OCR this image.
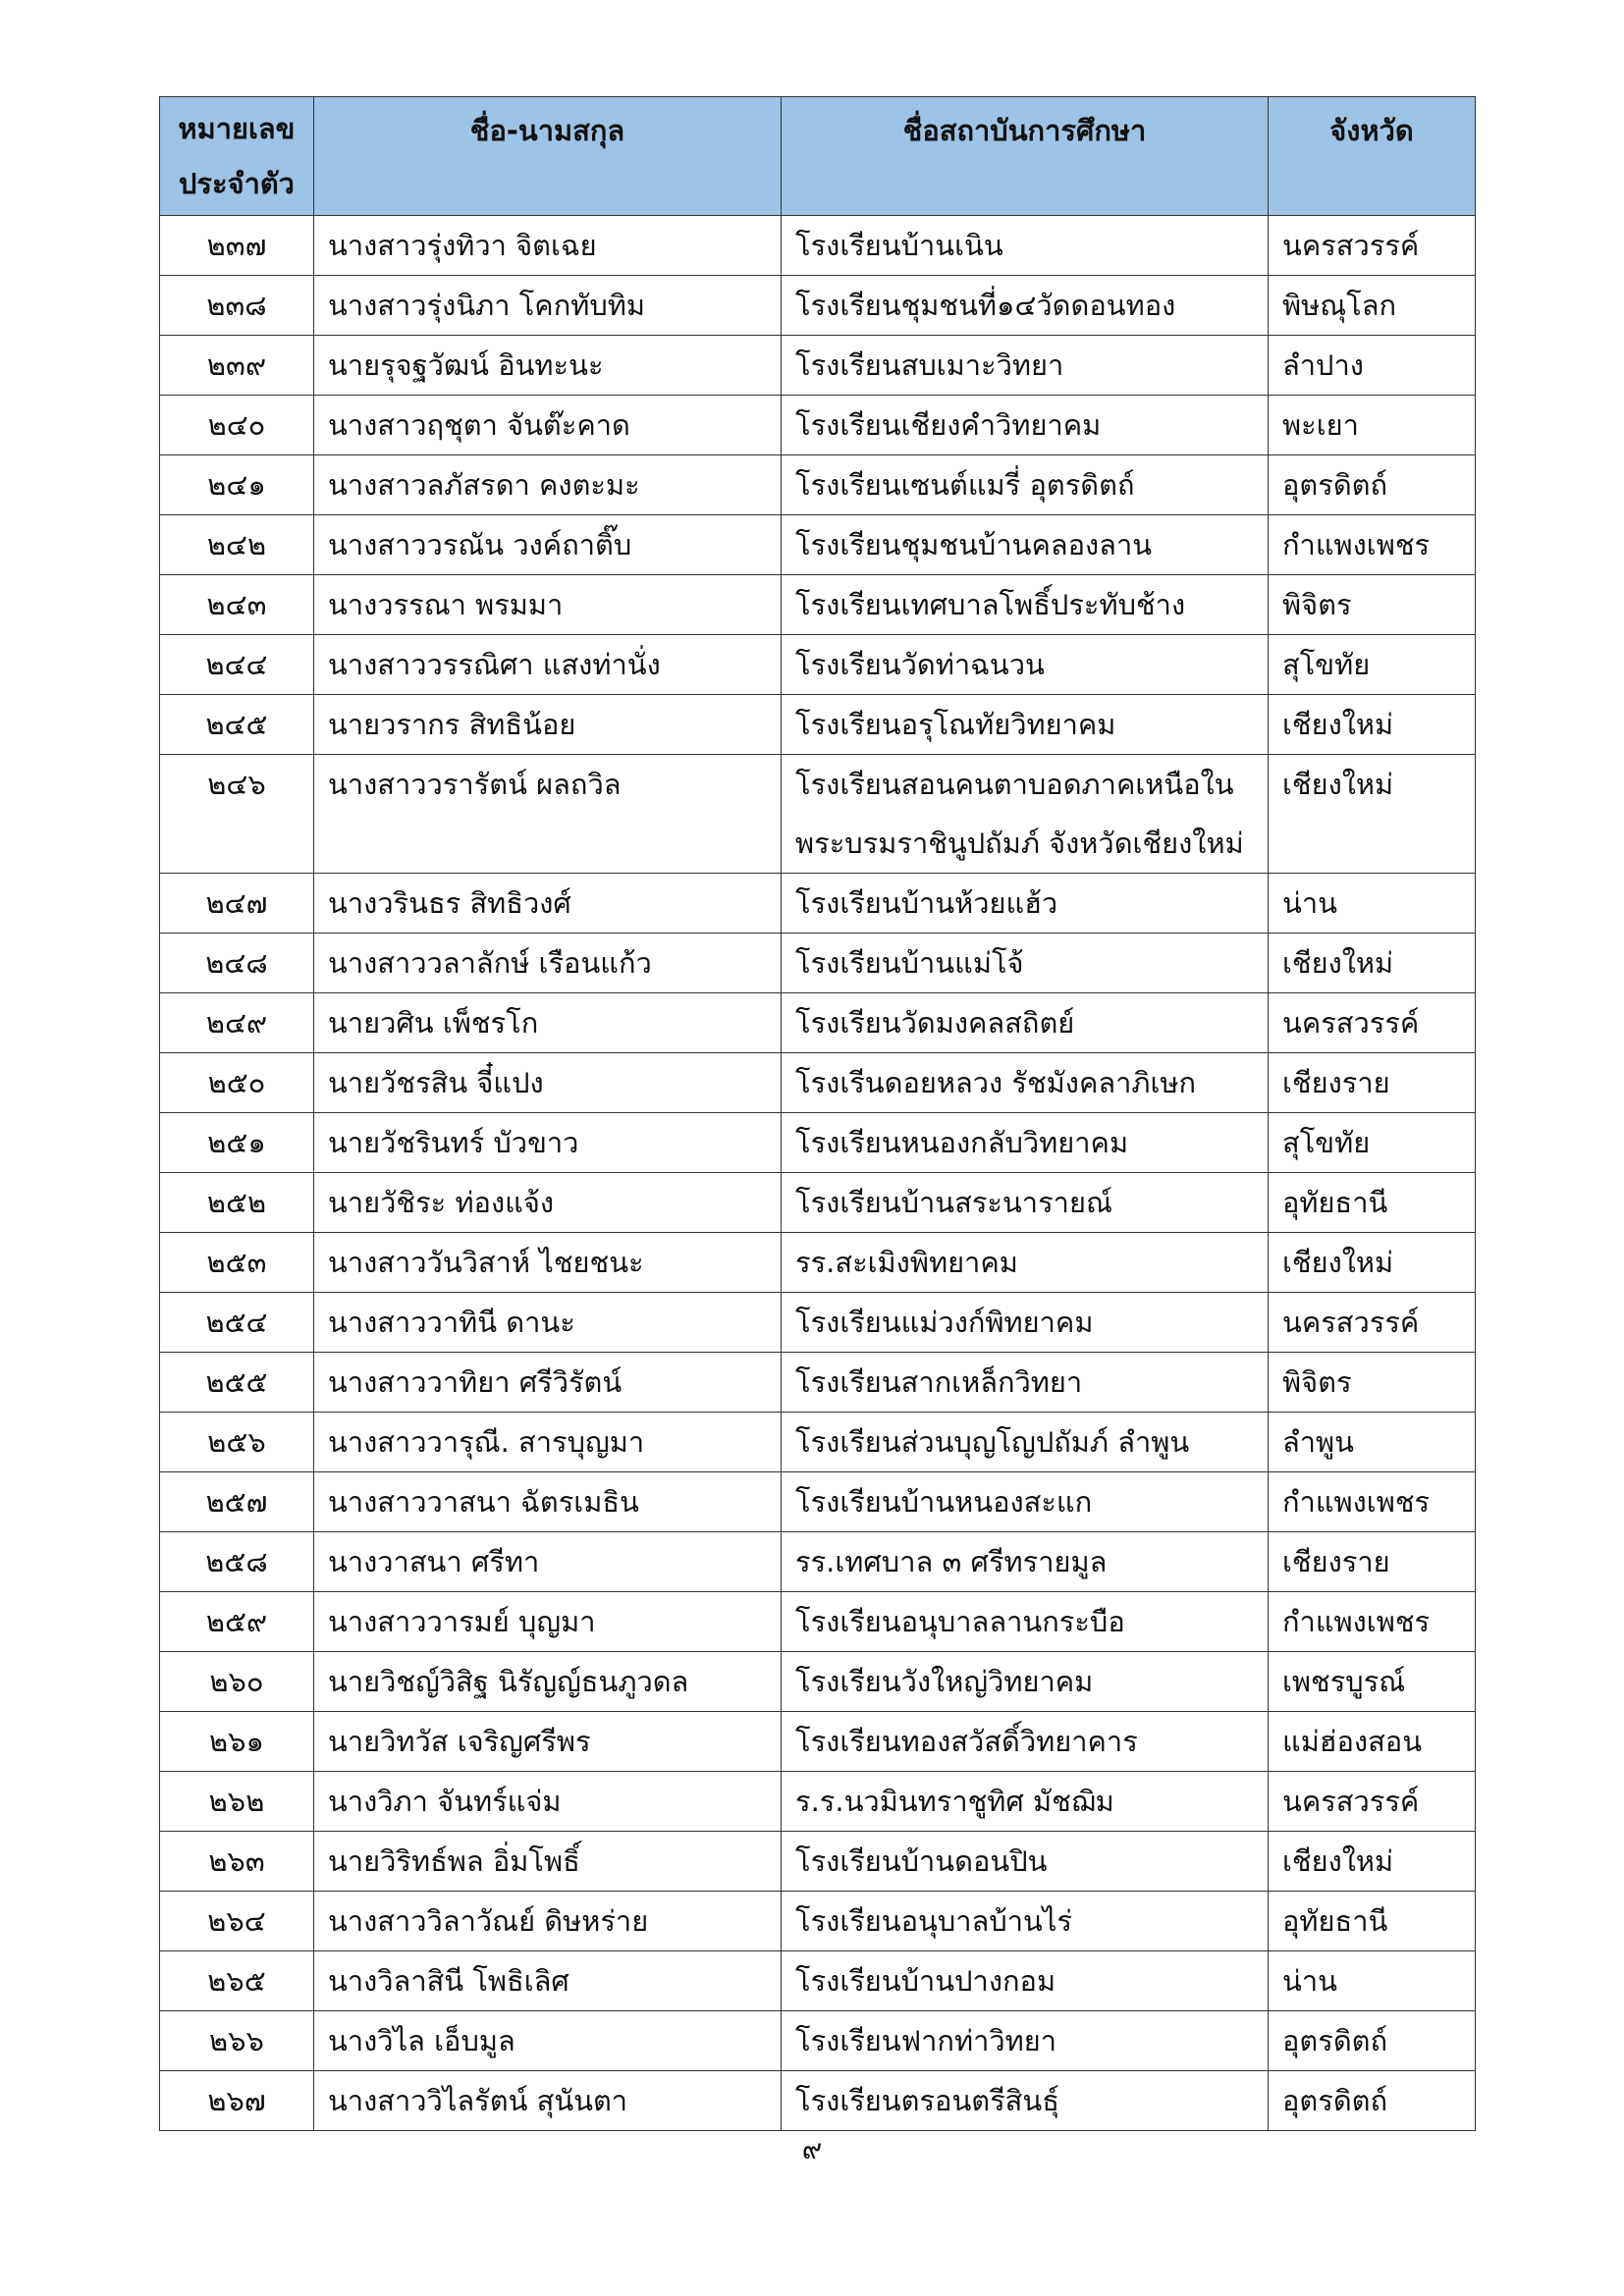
หมายเลข ประจำตัว	ชื่อ-นามสกุล	ชื่อสถาบันการศึกษา	จังหวัด
๒๓๗	นางสาวรุ่งทิวา จิตเฉย	โรงเรียนบ้านเนิน	นครสวรรค์
๒๓๘	นางสาวรุ่งนิภา โคกทับทิม	โรงเรียนชุมชนที่๑๔วัดดอนทอง	พิษณุโลก
๒๓๙	นายรุจฐวัฒน์ อินทะนะ	โรงเรียนสบเมาะวิทยา	ลำปาง
๒๔๐	นางสาวฤชุตา จันต๊ะคาด	โรงเรียนเชียงคำวิทยาคม	พะเยา
๒๔๑	นางสาวลภัสรดา คงตะมะ	โรงเรียนเซนต์แมรี่ อุตรดิตถ์	อุตรดิตถ์
๒๔๒	นางสาววรณัน วงค์ถาติ๊บ	โรงเรียนชุมชนบ้านคลองลาน	กำแพงเพชร
๒๔๓	นางวรรณา พรมมา	โรงเรียนเทศบาลโพธิ์ประทับช้าง	พิจิตร
๒๔๔	นางสาววรรณิศา แสงท่านั่ง	โรงเรียนวัดท่าฉนวน	สุโขทัย
๒๔๕	นายวรากร สิทธิน้อย	โรงเรียนอรุโณทัยวิทยาคม	เชียงใหม่
๒๔๖	นางสาววรารัตน์ ผลถวิล	โรงเรียนสอนคนตาบอดภาคเหนือใน พระบรมราชินูปถัมภ์ จังหวัดเชียงใหม่	เชียงใหม่
๒๔๗	นางวรินธร สิทธิวงศ์	โรงเรียนบ้านห้วยแฮ้ว	น่าน
๒๔๘	นางสาววลาลักษ์ เรือนแก้ว	โรงเรียนบ้านแม่โจ้	เชียงใหม่
๒๔๙	นายวศิน เพ็ชรโก	โรงเรียนวัดมงคลสถิตย์	นครสวรรค์
๒๕๐	นายวัชรสิน จี๋แปง	โรงเรีนดอยหลวง รัชมังคลาภิเษก	เชียงราย
๒๕๑	นายวัชรินทร์ บัวขาว	โรงเรียนหนองกลับวิทยาคม	สุโขทัย
๒๕๒	นายวัชิระ ท่องแจ้ง	โรงเรียนบ้านสระนารายณ์	อุทัยธานี
๒๕๓	นางสาววันวิสาห์ ไชยชนะ	รร.สะเมิงพิทยาคม	เชียงใหม่
๒๕๔	นางสาววาทินี ดานะ	โรงเรียนแม่วงก์พิทยาคม	นครสวรรค์
๒๕๕	นางสาววาทิยา ศรีวิรัตน์	โรงเรียนสากเหล็กวิทยา	พิจิตร
๒๕๖	นางสาววารุณี. สารบุญมา	โรงเรียนส่วนบุญโญปถัมภ์ ลำพูน	ลำพูน
๒๕๗	นางสาววาสนา ฉัตรเมธิน	โรงเรียนบ้านหนองสะแก	กำแพงเพชร
๒๕๘	นางวาสนา ศรีทา	รร.เทศบาล ๓ ศรีทรายมูล	เชียงราย
๒๕๙	นางสาววารมย์ บุญมา	โรงเรียนอนุบาลลานกระบือ	กำแพงเพชร
๒๖๐	นายวิชญ์วิสิฐ นิรัญญ์ธนภูวดล	โรงเรียนวังใหญ่วิทยาคม	เพชรบูรณ์
๒๖๑	นายวิทวัส เจริญศรีพร	โรงเรียนทองสวัสดิ์วิทยาคาร	แม่ฮ่องสอน
๒๖๒	นางวิภา จันทร์แจ่ม	ร.ร.นวมินทราชูทิศ มัชฌิม	นครสวรรค์
๒๖๓	นายวิริทธ์พล อิ่มโพธิ์	โรงเรียนบ้านดอนปิน	เชียงใหม่
๒๖๔	นางสาววิลาวัณย์ ดิษหร่าย	โรงเรียนอนุบาลบ้านไร่	อุทัยธานี
๒๖๕	นางวิลาสินี โพธิเลิศ	โรงเรียนบ้านปางกอม	น่าน
๒๖๖	นางวิไล เอ็บมูล	โรงเรียนฟากท่าวิทยา	อุตรดิตถ์
๒๖๗	นางสาววิไลรัตน์ สุนันตา	โรงเรียนตรอนตรีสินธุ์	อุตรดิตถ์
๙
